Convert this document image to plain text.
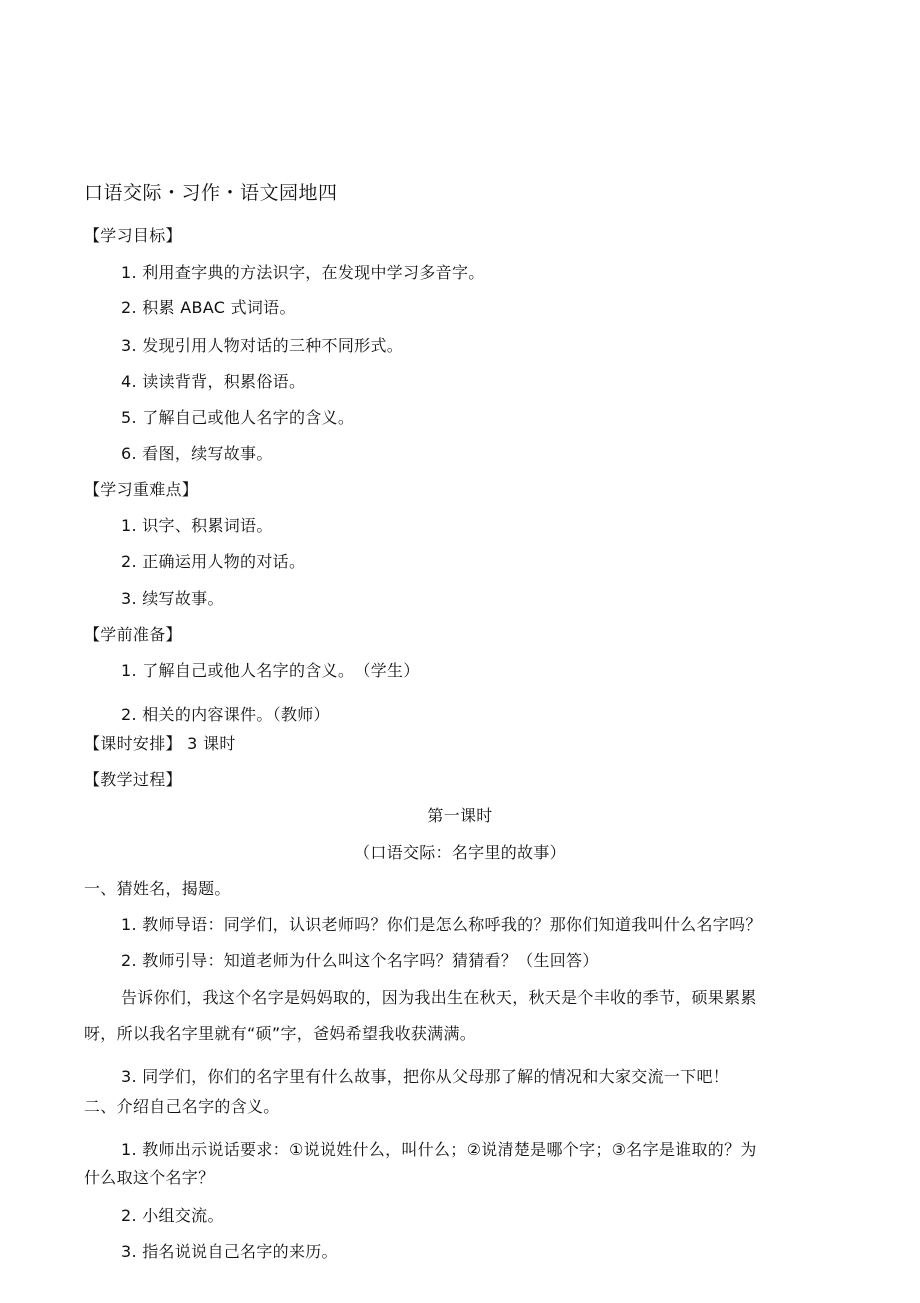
口语交际・习作・语文园地四
【学习目标】
1. 利用查字典的方法识字，在发现中学习多音字。
2. 积累 ABAC 式词语。
3. 发现引用人物对话的三种不同形式。
4. 读读背背，积累俗语。
5. 了解自己或他人名字的含义。
6. 看图，续写故事。
【学习重难点】
1. 识字、积累词语。
2. 正确运用人物的对话。
3. 续写故事。
【学前准备】
1. 了解自己或他人名字的含义。　（学生）
2. 相关的内容课件。（教师）
【课时安排】 3 课时
【教学过程】
第一课时
（口语交际：名字里的故事）
一、猜姓名，揭题。
1. 教师导语：同学们，认识老师吗？你们是怎么称呼我的？那你们知道我叫什么名字吗？
2. 教师引导：知道老师为什么叫这个名字吗？猜猜看？（生回答）
告诉你们，我这个名字是妈妈取的，因为我出生在秋天，秋天是个丰收的季节，硕果累累
呀，所以我名字里就有“硕”字，爸妈希望我收获满满。
3. 同学们，你们的名字里有什么故事，把你从父母那了解的情况和大家交流一下吧！
二、介绍自己名字的含义。
1. 教师出示说话要求：①说说姓什么，叫什么；②说清楚是哪个字；③名字是谁取的？为
什么取这个名字？
2. 小组交流。
3. 指名说说自己名字的来历。
